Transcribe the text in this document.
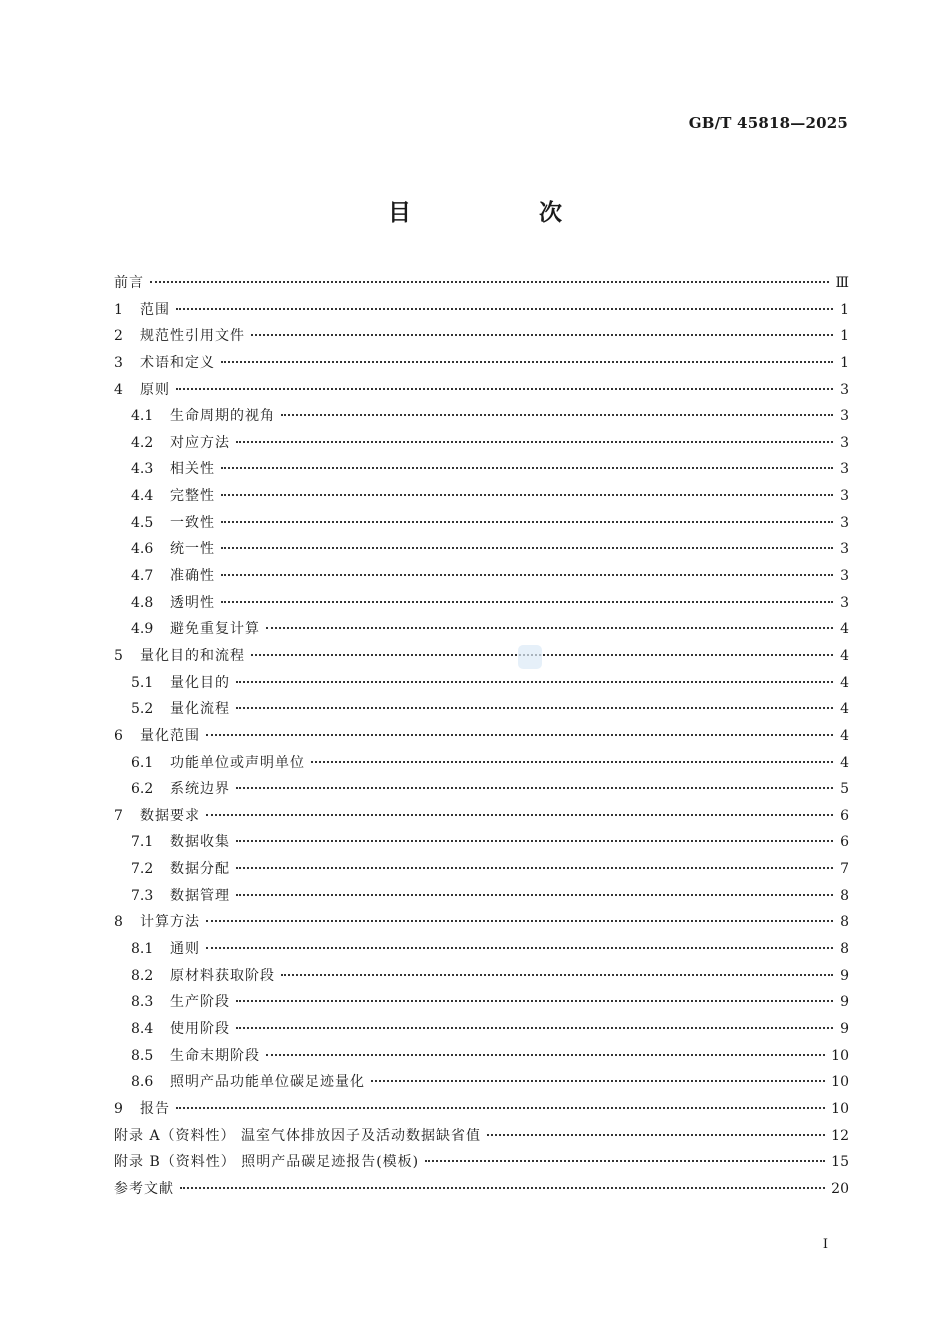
GB/T 45818—2025
目 次
前言	Ⅲ
1	范围	1
2	规范性引用文件	1
3	术语和定义	1
4	原则	3
4.1	生命周期的视角	3
4.2	对应方法	3
4.3	相关性	3
4.4	完整性	3
4.5	一致性	3
4.6	统一性	3
4.7	准确性	3
4.8	透明性	3
4.9	避免重复计算	4
5	量化目的和流程	4
5.1	量化目的	4
5.2	量化流程	4
6	量化范围	4
6.1	功能单位或声明单位	4
6.2	系统边界	5
7	数据要求	6
7.1	数据收集	6
7.2	数据分配	7
7.3	数据管理	8
8	计算方法	8
8.1	通则	8
8.2	原材料获取阶段	9
8.3	生产阶段	9
8.4	使用阶段	9
8.5	生命末期阶段	10
8.6	照明产品功能单位碳足迹量化	10
9	报告	10
附录 A（资料性） 温室气体排放因子及活动数据缺省值	12
附录 B（资料性） 照明产品碳足迹报告(模板)	15
参考文献	20
Ⅰ
